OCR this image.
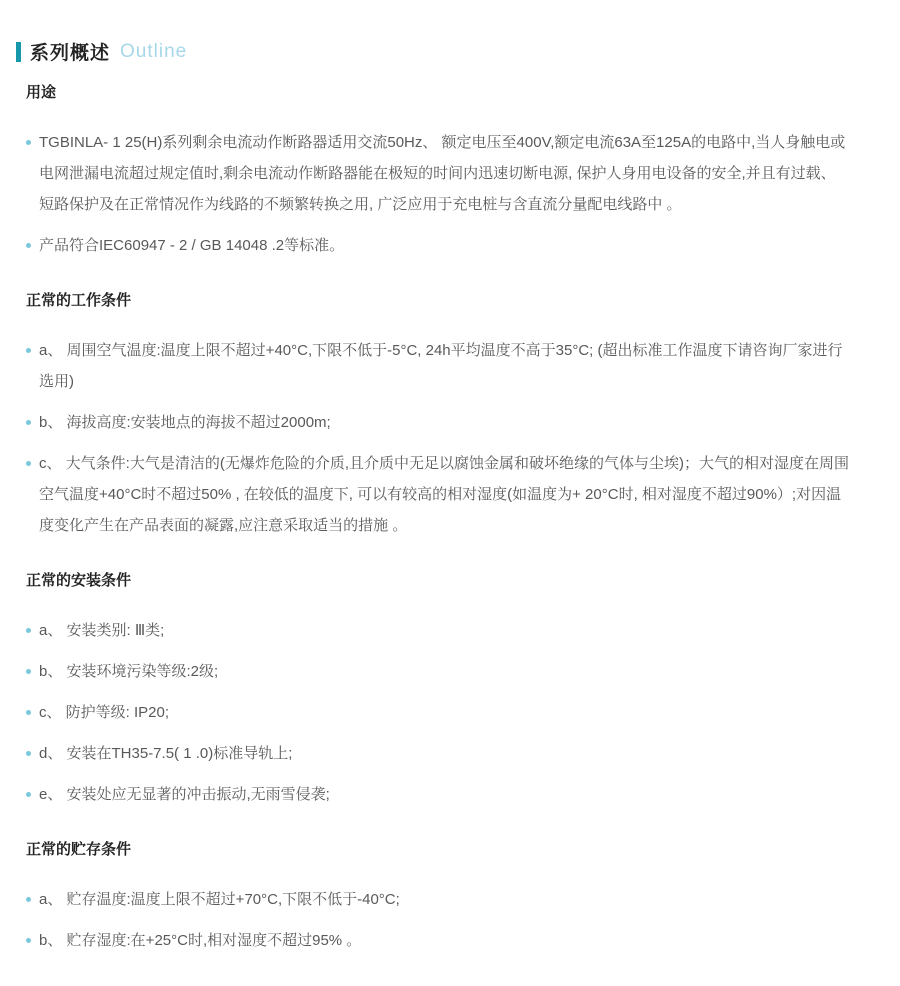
系列概述 Outline
用途
TGBINLA- 1 25(H)系列剩余电流动作断路器适用交流50Hz、 额定电压至400V,额定电流63A至125A的电路中,当人身触电或电网泄漏电流超过规定值时,剩余电流动作断路器能在极短的时间内迅速切断电源, 保护人身用电设备的安全,并且有过载、 短路保护及在正常情况作为线路的不频繁转换之用, 广泛应用于充电桩与含直流分量配电线路中 。
产品符合IEC60947 - 2 / GB 14048 .2等标准。
正常的工作条件
a、 周围空气温度:温度上限不超过+40°C,下限不低于-5°C, 24h平均温度不高于35°C; (超出标准工作温度下请咨询厂家进行选用)
b、 海拔高度:安装地点的海拔不超过2000m;
c、 大气条件:大气是清洁的(无爆炸危险的介质,且介质中无足以腐蚀金属和破坏绝缘的气体与尘埃)；大气的相对湿度在周围空气温度+40°C时不超过50% , 在较低的温度下, 可以有较高的相对湿度(如温度为+ 20°C时, 相对湿度不超过90%）;对因温度变化产生在产品表面的凝露,应注意采取适当的措施 。
正常的安装条件
a、 安装类别: Ⅲ类;
b、 安装环境污染等级:2级;
c、 防护等级: IP20;
d、 安装在TH35-7.5( 1 .0)标准导轨上;
e、 安装处应无显著的冲击振动,无雨雪侵袭;
正常的贮存条件
a、 贮存温度:温度上限不超过+70°C,下限不低于-40°C;
b、 贮存湿度:在+25°C时,相对湿度不超过95% 。
